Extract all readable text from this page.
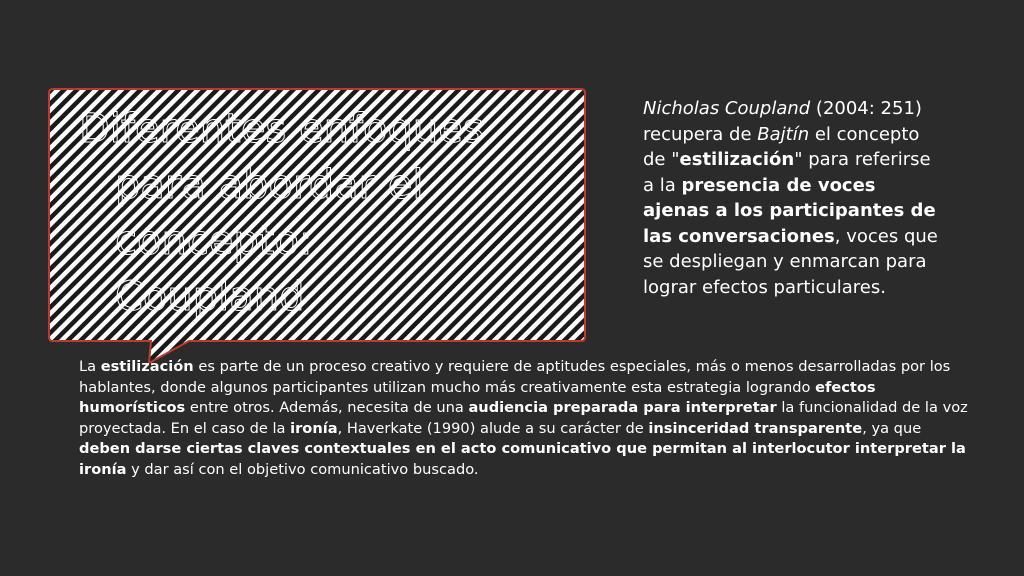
Diferentes enfoques
para abordar el
concepto:
Coupland

Nicholas Coupland (2004: 251) recupera de Bajtín el concepto de "estilización" para referirse a la presencia de voces ajenas a los participantes de las conversaciones, voces que se despliegan y enmarcan para lograr efectos particulares.

La estilización es parte de un proceso creativo y requiere de aptitudes especiales, más o menos desarrolladas por los hablantes, donde algunos participantes utilizan mucho más creativamente esta estrategia logrando efectos humorísticos entre otros. Además, necesita de una audiencia preparada para interpretar la funcionalidad de la voz proyectada. En el caso de la ironía, Haverkate (1990) alude a su carácter de insinceridad transparente, ya que deben darse ciertas claves contextuales en el acto comunicativo que permitan al interlocutor interpretar la ironía y dar así con el objetivo comunicativo buscado.
